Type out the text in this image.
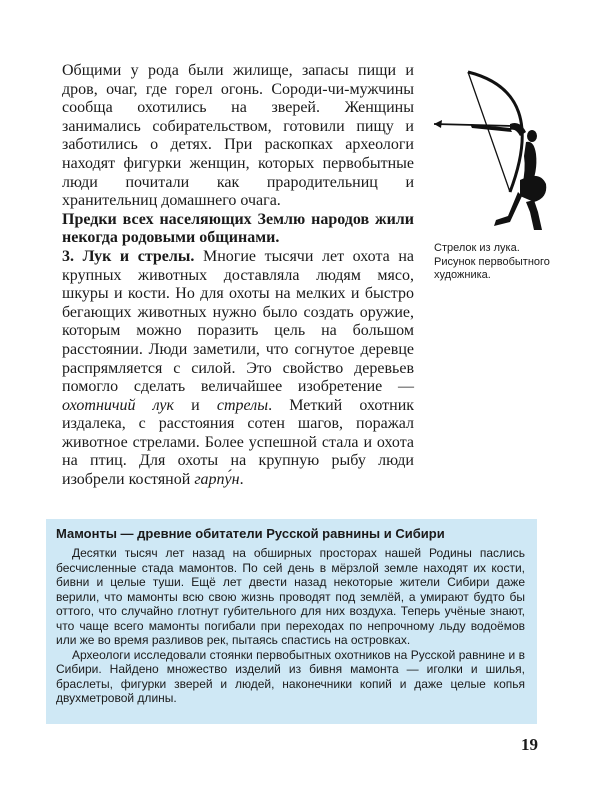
Общими у рода были жилище, запасы пищи и дров, очаг, где горел огонь. Сороди-чи-мужчины сообща охотились на зверей. Женщины занимались собирательством, готовили пищу и заботились о детях. При раскопках археологи находят фигурки женщин, которых первобытные люди почитали как прародительниц и хранительниц домашнего очага.

Предки всех населяющих Землю народов жили некогда родовыми общинами.

3. Лук и стрелы. Многие тысячи лет охота на крупных животных доставляла людям мясо, шкуры и кости. Но для охоты на мелких и быстро бегающих животных нужно было создать оружие, которым можно поразить цель на большом расстоянии. Люди заметили, что согнутое деревце распрямляется с силой. Это свойство деревьев помогло сделать величайшее изобретение — охотничий лук и стрелы. Меткий охотник издалека, с расстояния сотен шагов, поражал животное стрелами. Более успешной стала и охота на птиц. Для охоты на крупную рыбу люди изобрели костяной гарпу́н.

Стрелок из лука. Рисунок первобытного художника.
Мамонты — древние обитатели Русской равнины и Сибири

Десятки тысяч лет назад на обширных просторах нашей Родины паслись бесчисленные стада мамонтов. По сей день в мёрзлой земле находят их кости, бивни и целые туши. Ещё лет двести назад некоторые жители Сибири даже верили, что мамонты всю свою жизнь проводят под землёй, а умирают будто бы оттого, что случайно глотнут губительного для них воздуха. Теперь учёные знают, что чаще всего мамонты погибали при переходах по непрочному льду водоёмов или же во время разливов рек, пытаясь спастись на островках.

Археологи исследовали стоянки первобытных охотников на Русской равнине и в Сибири. Найдено множество изделий из бивня мамонта — иголки и шилья, браслеты, фигурки зверей и людей, наконечники копий и даже целые копья двухметровой длины.

19
